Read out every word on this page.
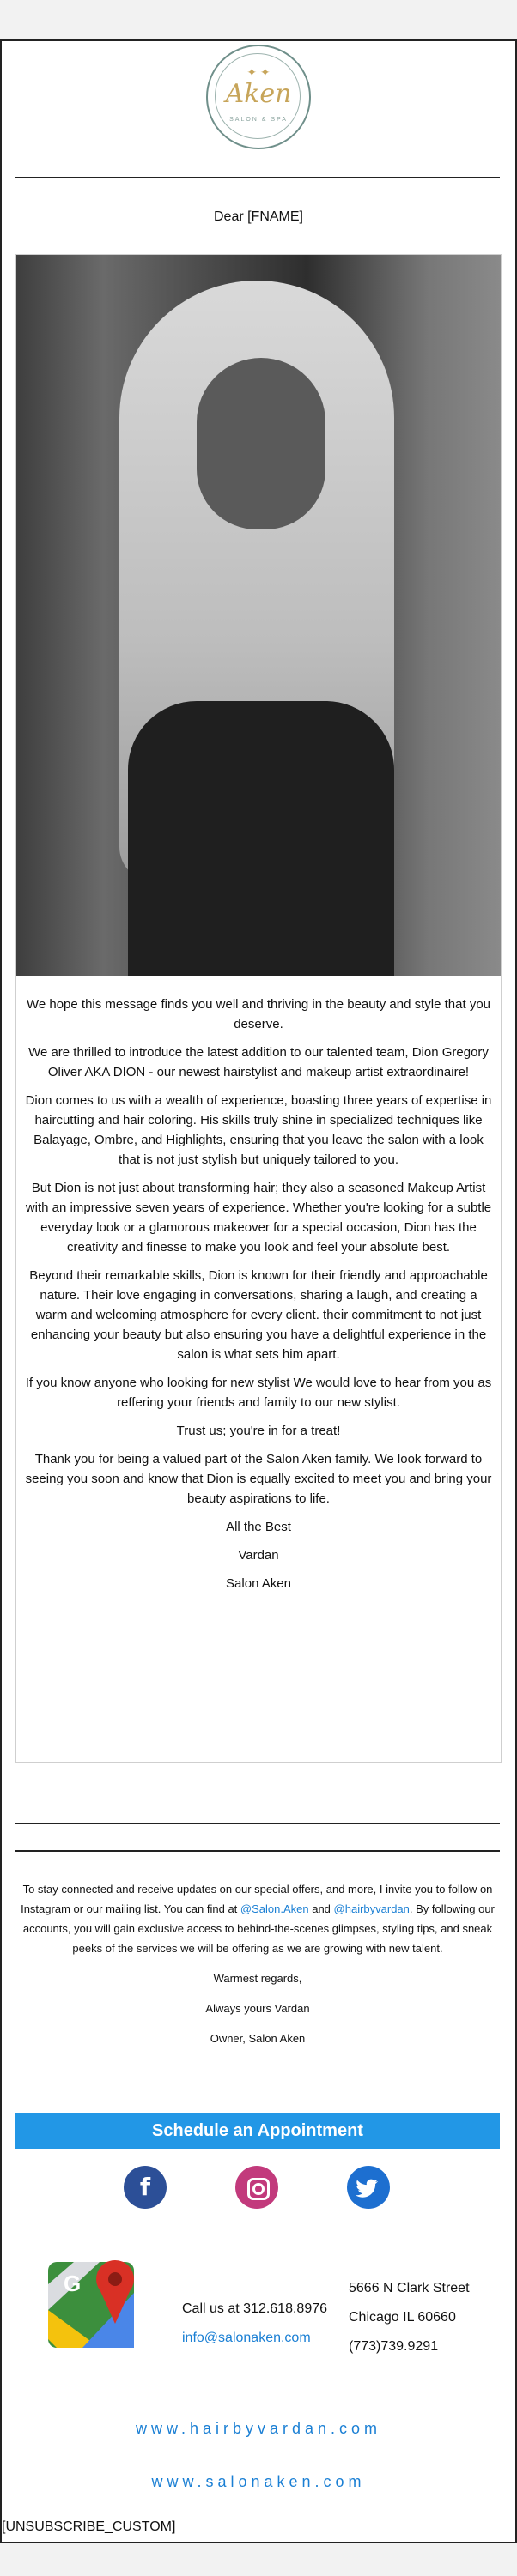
✦ ✦
Aken
SALON & SPA
Dear [FNAME]

We hope this message finds you well and thriving in the beauty and style that you deserve.

We are thrilled to introduce the latest addition to our talented team, Dion Gregory Oliver AKA DION - our newest hairstylist and makeup artist extraordinaire!

Dion comes to us with a wealth of experience, boasting three years of expertise in haircutting and hair coloring. His skills truly shine in specialized techniques like Balayage, Ombre, and Highlights, ensuring that you leave the salon with a look that is not just stylish but uniquely tailored to you.

But Dion is not just about transforming hair; they also a seasoned Makeup Artist with an impressive seven years of experience. Whether you're looking for a subtle everyday look or a glamorous makeover for a special occasion, Dion has the creativity and finesse to make you look and feel your absolute best.

Beyond their remarkable skills, Dion is known for their friendly and approachable nature. Their love engaging in conversations, sharing a laugh, and creating a warm and welcoming atmosphere for every client. their commitment to not just enhancing your beauty but also ensuring you have a delightful experience in the salon is what sets him apart.

If you know anyone who looking for new stylist We would love to hear from you as reffering your friends and family to our new stylist.

Trust us; you're in for a treat!

Thank you for being a valued part of the Salon Aken family. We look forward to seeing you soon and know that Dion is equally excited to meet you and bring your beauty aspirations to life.

All the Best

Vardan

Salon Aken

To stay connected and receive updates on our special offers, and more, I invite you to follow on Instagram or our mailing list. You can find at @Salon.Aken and @hairbyvardan. By following our accounts, you will gain exclusive access to behind-the-scenes glimpses, styling tips, and sneak peeks of the services we will be offering as we are growing with new talent.

Warmest regards,

Always yours Vardan

Owner, Salon Aken

Schedule an Appointment
f
G
Call us at 312.618.8976
info@salonaken.com
5666 N Clark Street
Chicago IL 60660
(773)739.9291
www.hairbyvardan.com
www.salonaken.com
[UNSUBSCRIBE_CUSTOM]
